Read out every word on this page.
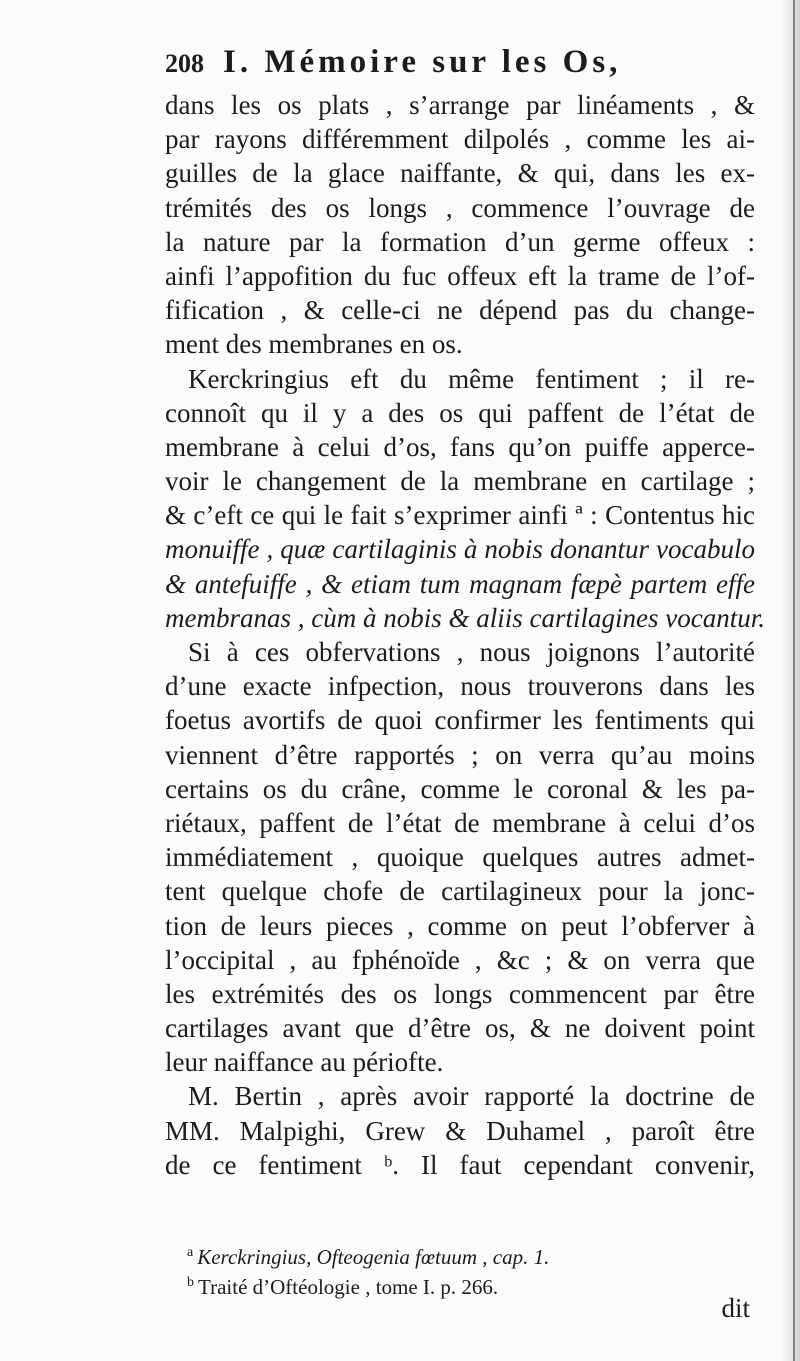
208 I. Mémoire sur les Os,
dans les os plats , s’arrange par linéaments , &
par rayons différemment dilpolés , comme les ai-
guilles de la glace naiffante, & qui, dans les ex-
trémités des os longs , commence l’ouvrage de
la nature par la formation d’un germe offeux :
ainfi l’appofition du fuc offeux eft la trame de l’of-
fification , & celle-ci ne dépend pas du change-
ment des membranes en os.
Kerckringius eft du même fentiment ; il re-
connoît qu il y a des os qui paffent de l’état de
membrane à celui d’os, fans qu’on puiffe apperce-
voir le changement de la membrane en cartilage ;
& c’eft ce qui le fait s’exprimer ainfi ª : Contentus hic
monuiffe , quæ cartilaginis à nobis donantur vocabulo
& antefuiffe , & etiam tum magnam fæpè partem effe
membranas , cùm à nobis & aliis cartilagines vocantur.
Si à ces obfervations , nous joignons l’autorité
d’une exacte infpection, nous trouverons dans les
foetus avortifs de quoi confirmer les fentiments qui
viennent d’être rapportés ; on verra qu’au moins
certains os du crâne, comme le coronal & les pa-
riétaux, paffent de l’état de membrane à celui d’os
immédiatement , quoique quelques autres admet-
tent quelque chofe de cartilagineux pour la jonc-
tion de leurs pieces , comme on peut l’obferver à
l’occipital , au fphénoïde , &c ; & on verra que
les extrémités des os longs commencent par être
cartilages avant que d’être os, & ne doivent point
leur naiffance au périofte.
M. Bertin , après avoir rapporté la doctrine de
MM. Malpighi, Grew & Duhamel , paroît être
de ce fentiment ᵇ. Il faut cependant convenir,
$^a$ Kerckringius, Ofteogenia fœtuum , cap. 1.
$^b$ Traité d’Oftéologie , tome I. p. 266.
dit
